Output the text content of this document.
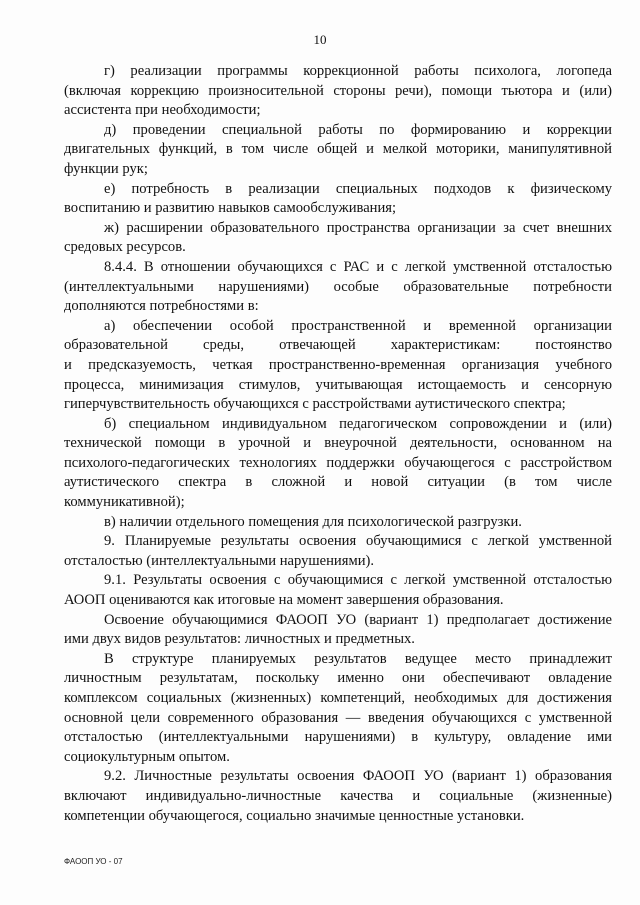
10
г) реализации программы коррекционной работы психолога, логопеда
(включая коррекцию произносительной стороны речи), помощи тьютора и (или)
ассистента при необходимости;
д) проведении специальной работы по формированию и коррекции
двигательных функций, в том числе общей и мелкой моторики, манипулятивной
функции рук;
е) потребность в реализации специальных подходов к физическому
воспитанию и развитию навыков самообслуживания;
ж) расширении образовательного пространства организации за счет внешних
средовых ресурсов.
8.4.4. В отношении обучающихся с РАС и с легкой умственной отсталостью
(интеллектуальными нарушениями) особые образовательные потребности
дополняются потребностями в:
а) обеспечении особой пространственной и временной организации
образовательной среды, отвечающей характеристикам: постоянство
и предсказуемость, четкая пространственно-временная организация учебного
процесса, минимизация стимулов, учитывающая истощаемость и сенсорную
гиперчувствительность обучающихся с расстройствами аутистического спектра;
б) специальном индивидуальном педагогическом сопровождении и (или)
технической помощи в урочной и внеурочной деятельности, основанном на
психолого-педагогических технологиях поддержки обучающегося с расстройством
аутистического спектра в сложной и новой ситуации (в том числе
коммуникативной);
в) наличии отдельного помещения для психологической разгрузки.
9. Планируемые результаты освоения обучающимися с легкой умственной
отсталостью (интеллектуальными нарушениями).
9.1. Результаты освоения с обучающимися с легкой умственной отсталостью
АООП оцениваются как итоговые на момент завершения образования.
Освоение обучающимися ФАООП УО (вариант 1) предполагает достижение
ими двух видов результатов: личностных и предметных.
В структуре планируемых результатов ведущее место принадлежит
личностным результатам, поскольку именно они обеспечивают овладение
комплексом социальных (жизненных) компетенций, необходимых для достижения
основной цели современного образования — введения обучающихся с умственной
отсталостью (интеллектуальными нарушениями) в культуру, овладение ими
социокультурным опытом.
9.2. Личностные результаты освоения ФАООП УО (вариант 1) образования
включают индивидуально-личностные качества и социальные (жизненные)
компетенции обучающегося, социально значимые ценностные установки.
ФАООП УО - 07
